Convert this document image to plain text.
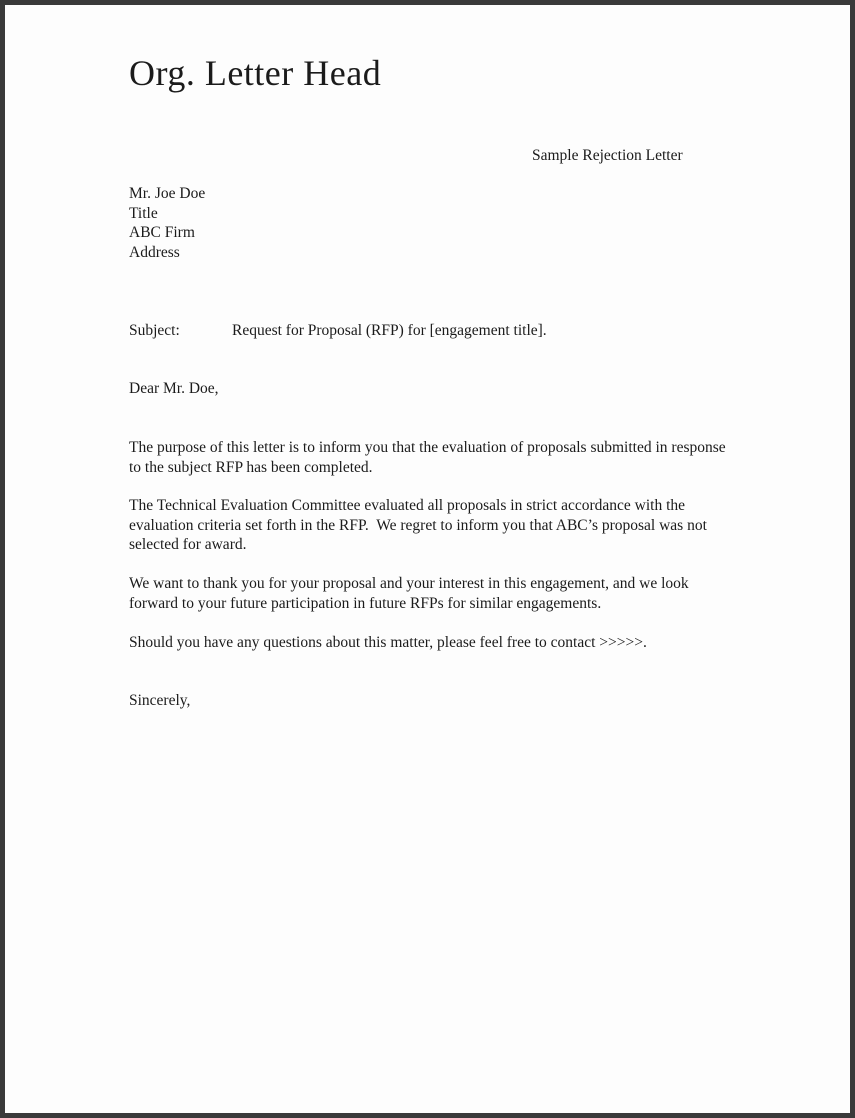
Org. Letter Head
Sample Rejection Letter
Mr. Joe Doe
Title
ABC Firm
Address
Subject:	Request for Proposal (RFP) for [engagement title].
Dear Mr. Doe,
The purpose of this letter is to inform you that the evaluation of proposals submitted in response to the subject RFP has been completed.
The Technical Evaluation Committee evaluated all proposals in strict accordance with the evaluation criteria set forth in the RFP.  We regret to inform you that ABC’s proposal was not selected for award.
We want to thank you for your proposal and your interest in this engagement, and we look forward to your future participation in future RFPs for similar engagements.
Should you have any questions about this matter, please feel free to contact >>>>>.
Sincerely,
